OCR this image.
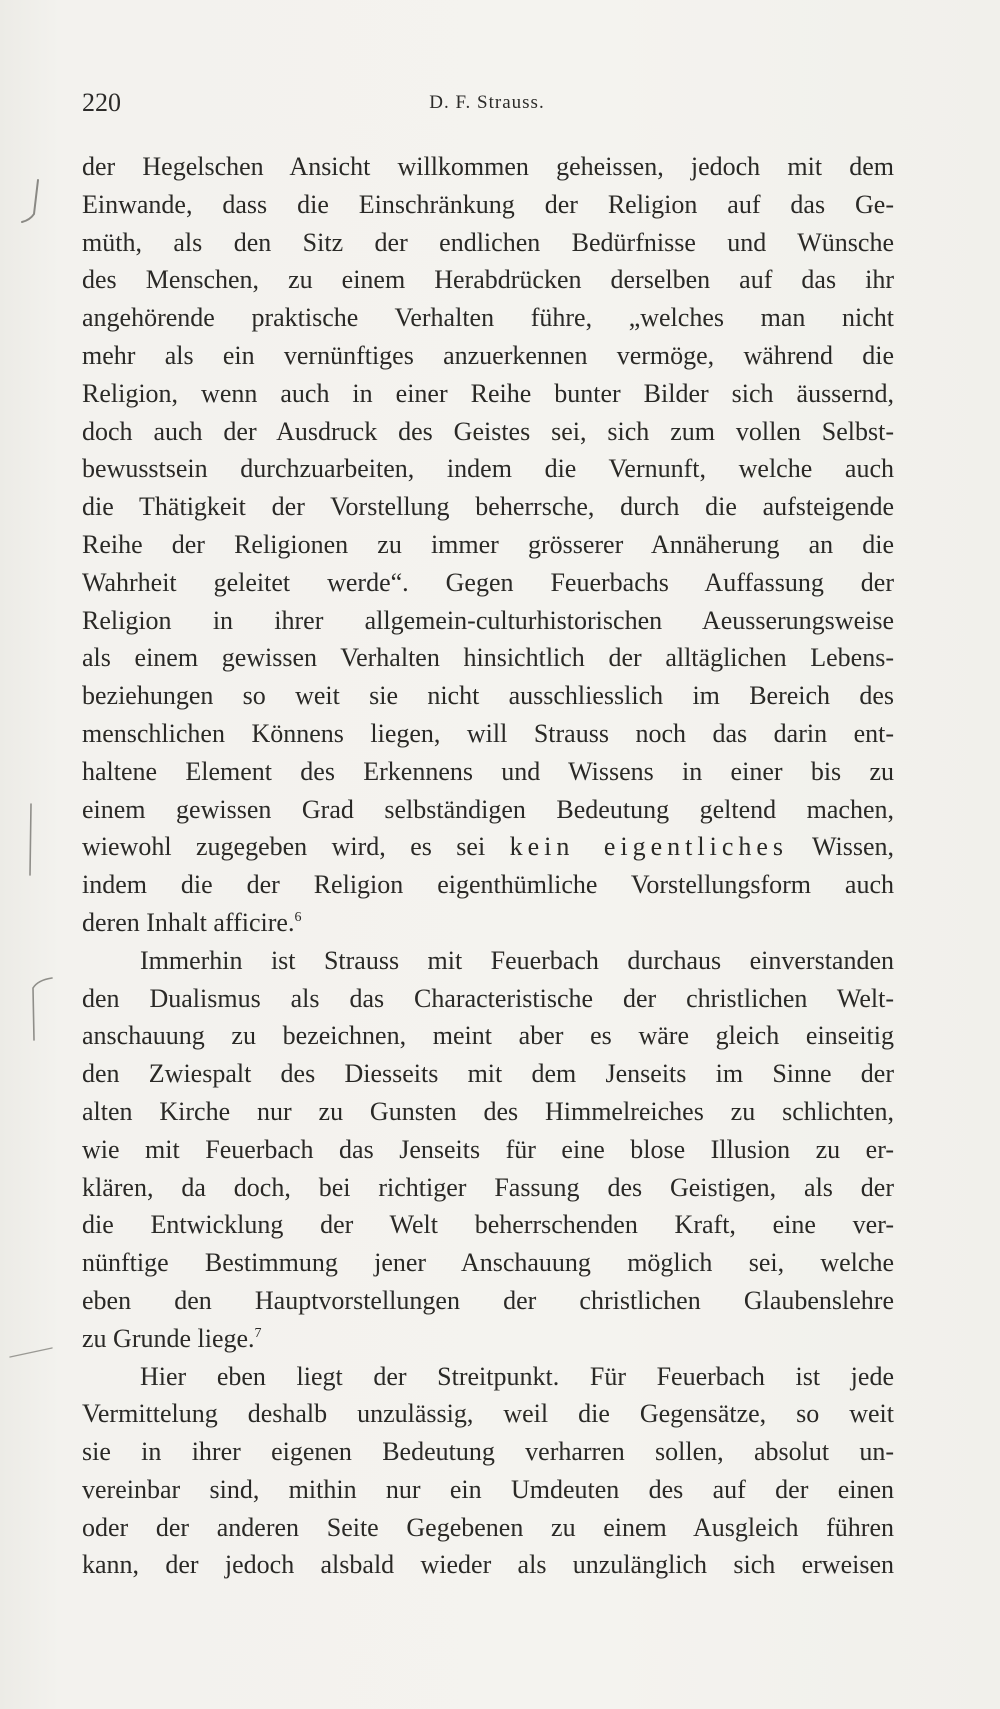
220	D. F. Strauss.
der Hegelschen Ansicht willkommen geheissen, jedoch mit dem
Einwande, dass die Einschränkung der Religion auf das Ge-
müth, als den Sitz der endlichen Bedürfnisse und Wünsche
des Menschen, zu einem Herabdrücken derselben auf das ihr
angehörende praktische Verhalten führe, „welches man nicht
mehr als ein vernünftiges anzuerkennen vermöge, während die
Religion, wenn auch in einer Reihe bunter Bilder sich äussernd,
doch auch der Ausdruck des Geistes sei, sich zum vollen Selbst-
bewusstsein durchzuarbeiten, indem die Vernunft, welche auch
die Thätigkeit der Vorstellung beherrsche, durch die aufsteigende
Reihe der Religionen zu immer grösserer Annäherung an die
Wahrheit geleitet werde“. Gegen Feuerbachs Auffassung der
Religion in ihrer allgemein-culturhistorischen Aeusserungsweise
als einem gewissen Verhalten hinsichtlich der alltäglichen Lebens-
beziehungen so weit sie nicht ausschliesslich im Bereich des
menschlichen Könnens liegen, will Strauss noch das darin ent-
haltene Element des Erkennens und Wissens in einer bis zu
einem gewissen Grad selbständigen Bedeutung geltend machen,
wiewohl zugegeben wird, es sei kein eigentliches Wissen,
indem die der Religion eigenthümliche Vorstellungsform auch
deren Inhalt afficire.$^6$
Immerhin ist Strauss mit Feuerbach durchaus einverstanden
den Dualismus als das Characteristische der christlichen Welt-
anschauung zu bezeichnen, meint aber es wäre gleich einseitig
den Zwiespalt des Diesseits mit dem Jenseits im Sinne der
alten Kirche nur zu Gunsten des Himmelreiches zu schlichten,
wie mit Feuerbach das Jenseits für eine blose Illusion zu er-
klären, da doch, bei richtiger Fassung des Geistigen, als der
die Entwicklung der Welt beherrschenden Kraft, eine ver-
nünftige Bestimmung jener Anschauung möglich sei, welche
eben den Hauptvorstellungen der christlichen Glaubenslehre
zu Grunde liege.$^7$
Hier eben liegt der Streitpunkt. Für Feuerbach ist jede
Vermittelung deshalb unzulässig, weil die Gegensätze, so weit
sie in ihrer eigenen Bedeutung verharren sollen, absolut un-
vereinbar sind, mithin nur ein Umdeuten des auf der einen
oder der anderen Seite Gegebenen zu einem Ausgleich führen
kann, der jedoch alsbald wieder als unzulänglich sich erweisen
